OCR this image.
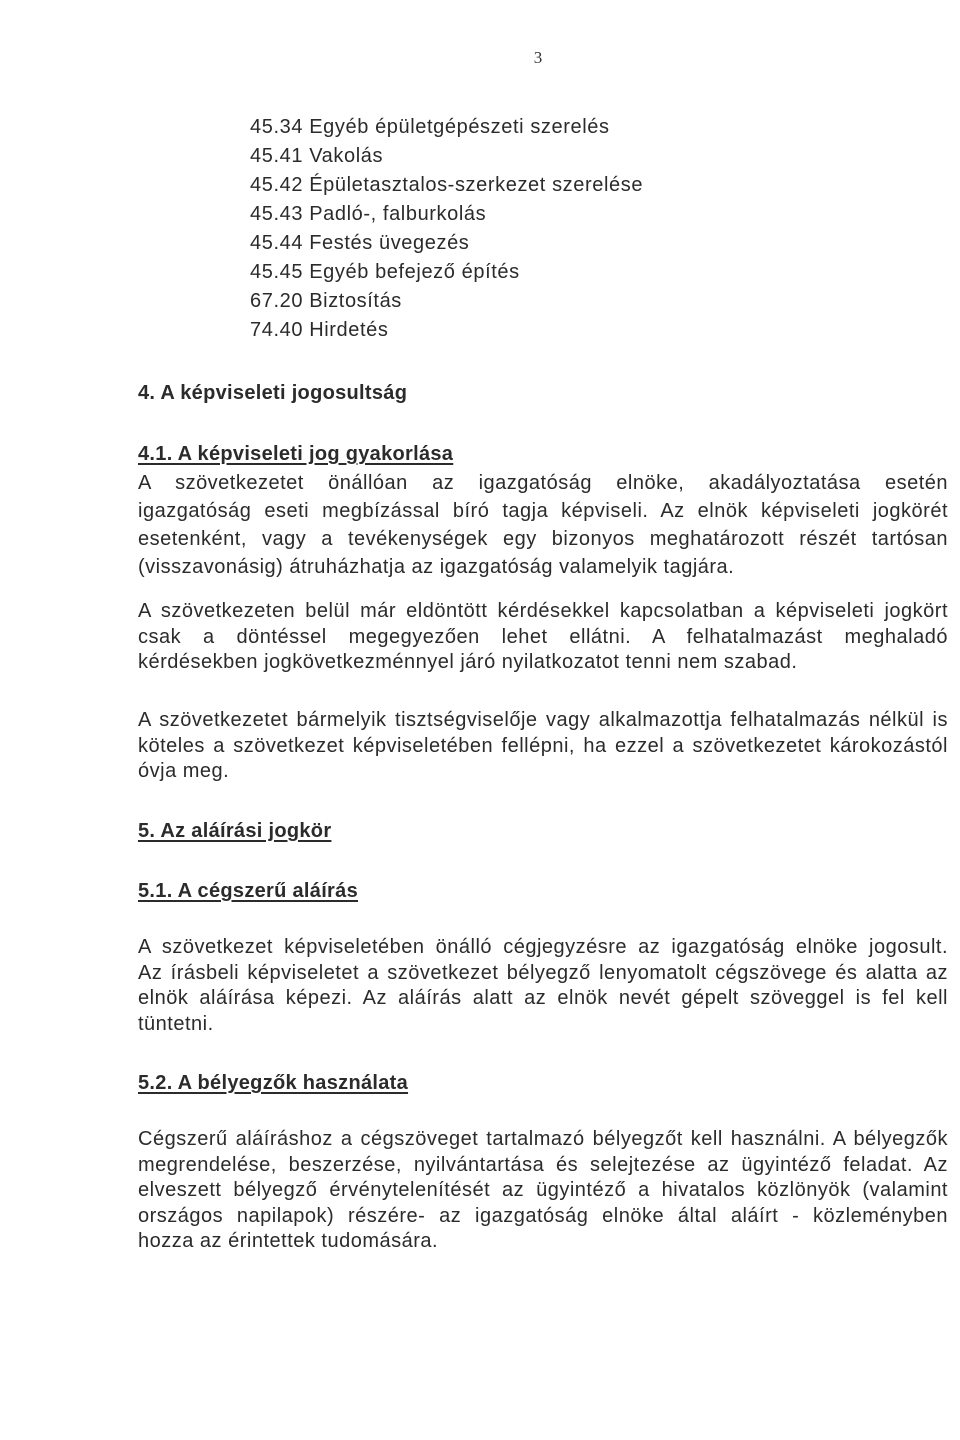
3
45.34 Egyéb épületgépészeti szerelés
45.41 Vakolás
45.42 Épületasztalos-szerkezet szerelése
45.43 Padló-, falburkolás
45.44 Festés üvegezés
45.45 Egyéb befejező építés
67.20 Biztosítás
74.40 Hirdetés
4. A képviseleti jogosultság
4.1. A képviseleti jog gyakorlása
A szövetkezetet önállóan az igazgatóság elnöke, akadályoztatása esetén
igazgatóság eseti megbízással bíró tagja képviseli. Az elnök képviseleti jogkörét
esetenként, vagy a tevékenységek egy bizonyos meghatározott részét tartósan
(visszavonásig) átruházhatja az igazgatóság valamelyik tagjára.
A szövetkezeten belül már eldöntött kérdésekkel kapcsolatban a képviseleti jogkört
csak a döntéssel megegyezően lehet ellátni. A felhatalmazást meghaladó
kérdésekben jogkövetkezménnyel járó nyilatkozatot tenni nem szabad.
A szövetkezetet bármelyik tisztségviselője vagy alkalmazottja felhatalmazás nélkül is
köteles a szövetkezet képviseletében fellépni, ha ezzel a szövetkezetet károkozástól
óvja meg.
5. Az aláírási jogkör
5.1. A cégszerű aláírás
A szövetkezet képviseletében önálló cégjegyzésre az igazgatóság elnöke jogosult.
Az írásbeli képviseletet a szövetkezet bélyegző lenyomatolt cégszövege és alatta az
elnök aláírása képezi. Az aláírás alatt az elnök nevét gépelt szöveggel is fel kell
tüntetni.
5.2. A bélyegzők használata
Cégszerű aláíráshoz a cégszöveget tartalmazó bélyegzőt kell használni. A bélyegzők
megrendelése, beszerzése, nyilvántartása és selejtezése az ügyintéző feladat. Az
elveszett bélyegző érvénytelenítését az ügyintéző a hivatalos közlönyök (valamint
országos napilapok) részére- az igazgatóság elnöke által aláírt - közleményben
hozza az érintettek tudomására.
